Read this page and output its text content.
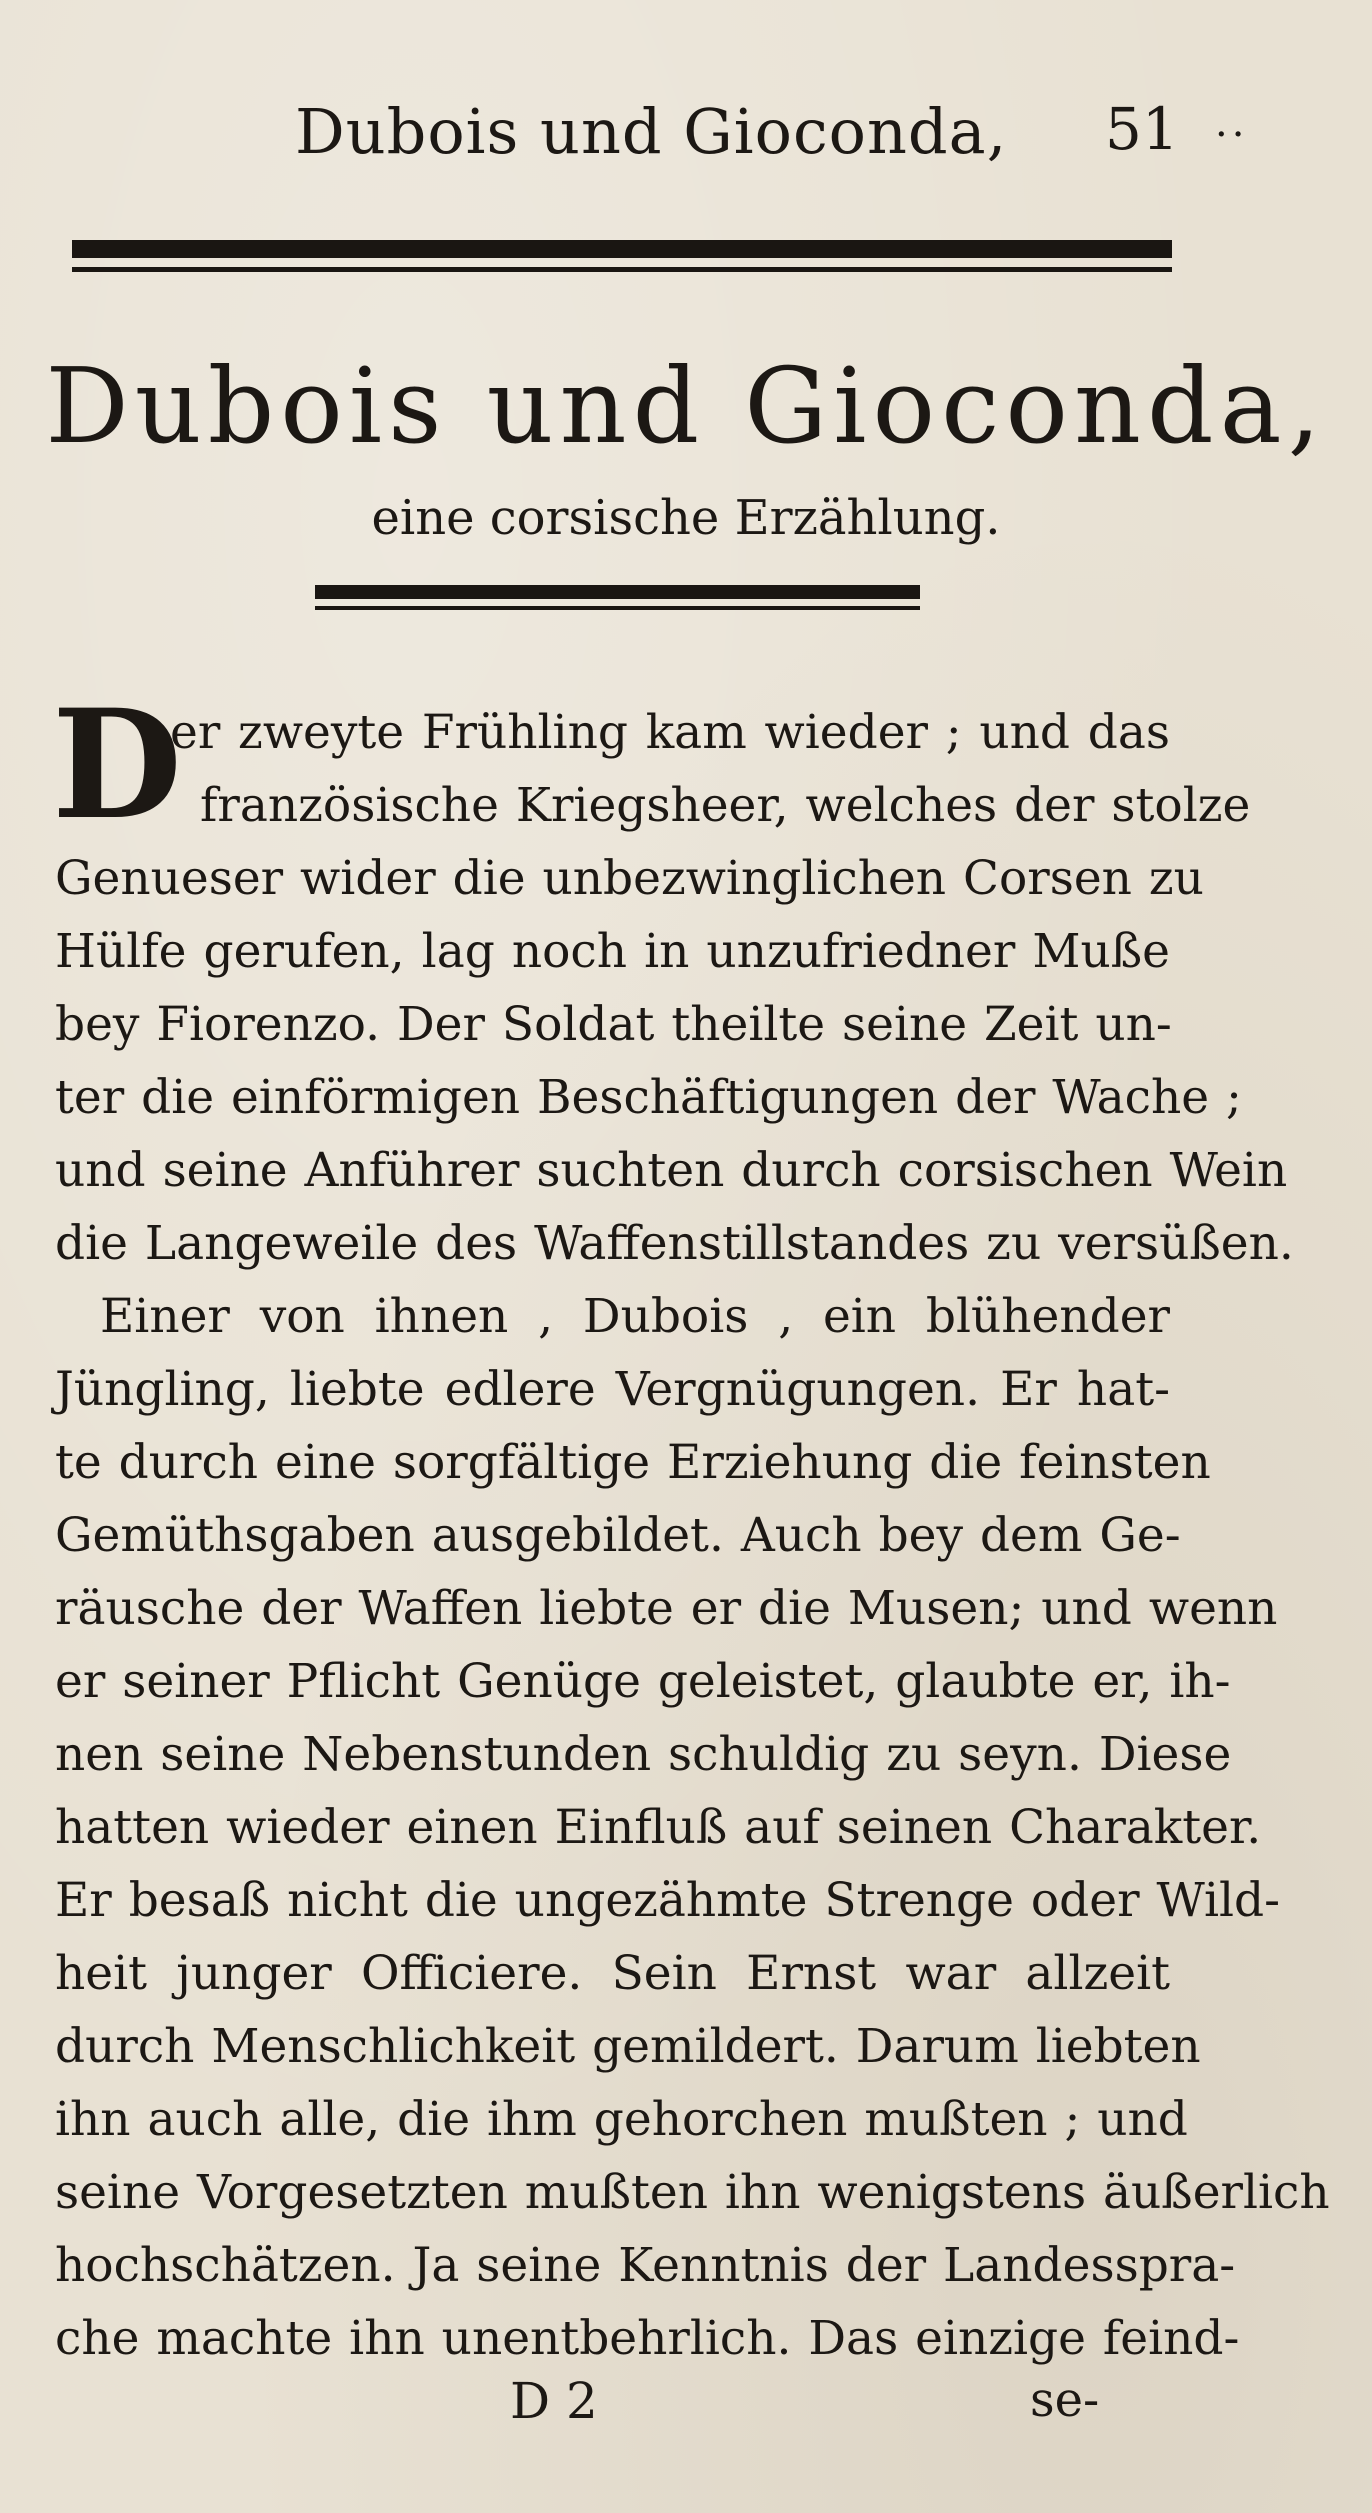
Dubois und Gioconda, 51 ··
Dubois und Gioconda,
eine corsische Erzählung.
D
er zweyte Frühling kam wieder ; und das
französische Kriegsheer, welches der stolze
Genueser wider die unbezwinglichen Corsen zu
Hülfe gerufen, lag noch in unzufriedner Muße
bey Fiorenzo. Der Soldat theilte seine Zeit un-
ter die einförmigen Beschäftigungen der Wache ;
und seine Anführer suchten durch corsischen Wein
die Langeweile des Waffenstillstandes zu versüßen.
Einer von ihnen , Dubois , ein blühender
Jüngling, liebte edlere Vergnügungen. Er hat-
te durch eine sorgfältige Erziehung die feinsten
Gemüthsgaben ausgebildet. Auch bey dem Ge-
räusche der Waffen liebte er die Musen; und wenn
er seiner Pflicht Genüge geleistet, glaubte er, ih-
nen seine Nebenstunden schuldig zu seyn. Diese
hatten wieder einen Einfluß auf seinen Charakter.
Er besaß nicht die ungezähmte Strenge oder Wild-
heit junger Officiere. Sein Ernst war allzeit
durch Menschlichkeit gemildert. Darum liebten
ihn auch alle, die ihm gehorchen mußten ; und
seine Vorgesetzten mußten ihn wenigstens äußerlich
hochschätzen. Ja seine Kenntnis der Landesspra-
che machte ihn unentbehrlich. Das einzige feind-
D 2	se-
